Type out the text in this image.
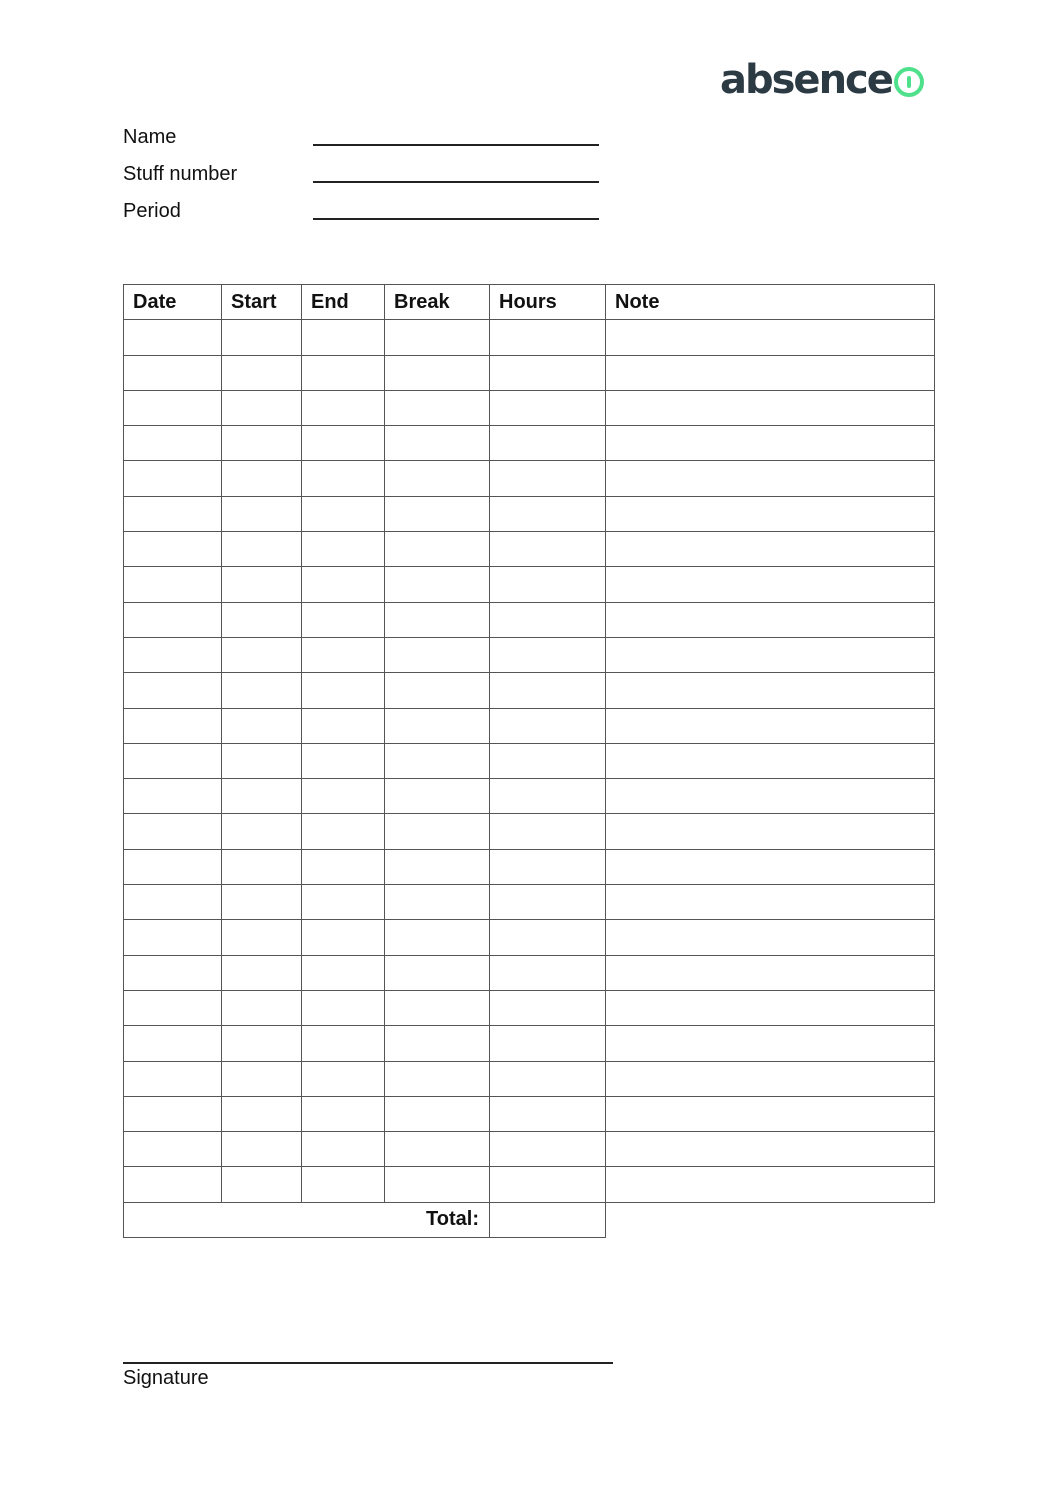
absence
Name
Stuff number
Period
Date	Start	End	Break	Hours	Note

Total:					
Signature
